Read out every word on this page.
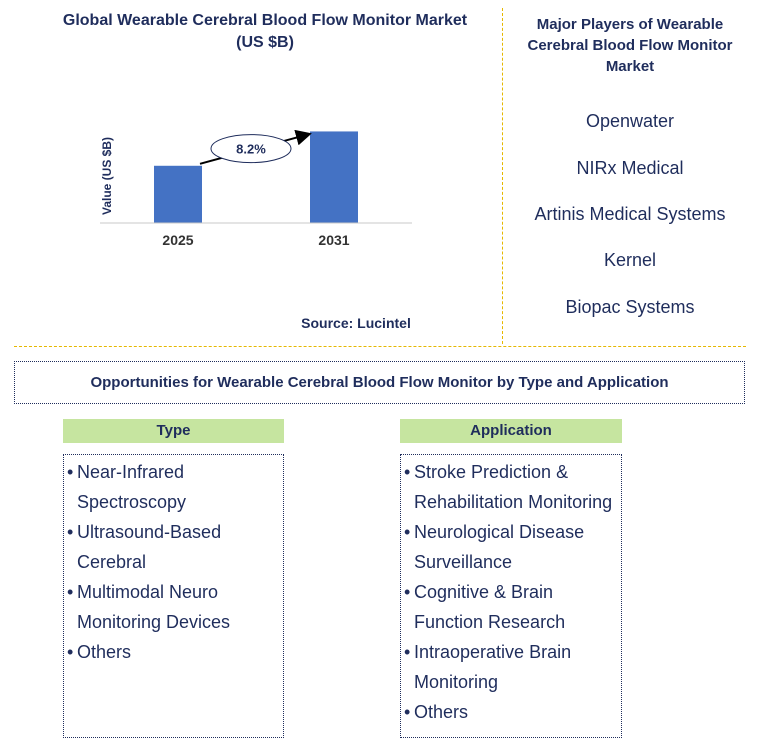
Global Wearable Cerebral Blood Flow Monitor Market (US $B)
2025	2031
Value (US $B)	8.2%
Source: Lucintel
Major Players of Wearable Cerebral Blood Flow Monitor Market
Openwater
NIRx Medical
Artinis Medical Systems
Kernel
Biopac Systems
Opportunities for Wearable Cerebral Blood Flow Monitor by Type and Application
Type
• Near-Infrared Spectroscopy
• Ultrasound-Based Cerebral
• Multimodal Neuro Monitoring Devices
• Others
Application
• Stroke Prediction & Rehabilitation Monitoring
• Neurological Disease Surveillance
• Cognitive & Brain Function Research
• Intraoperative Brain Monitoring
• Others
